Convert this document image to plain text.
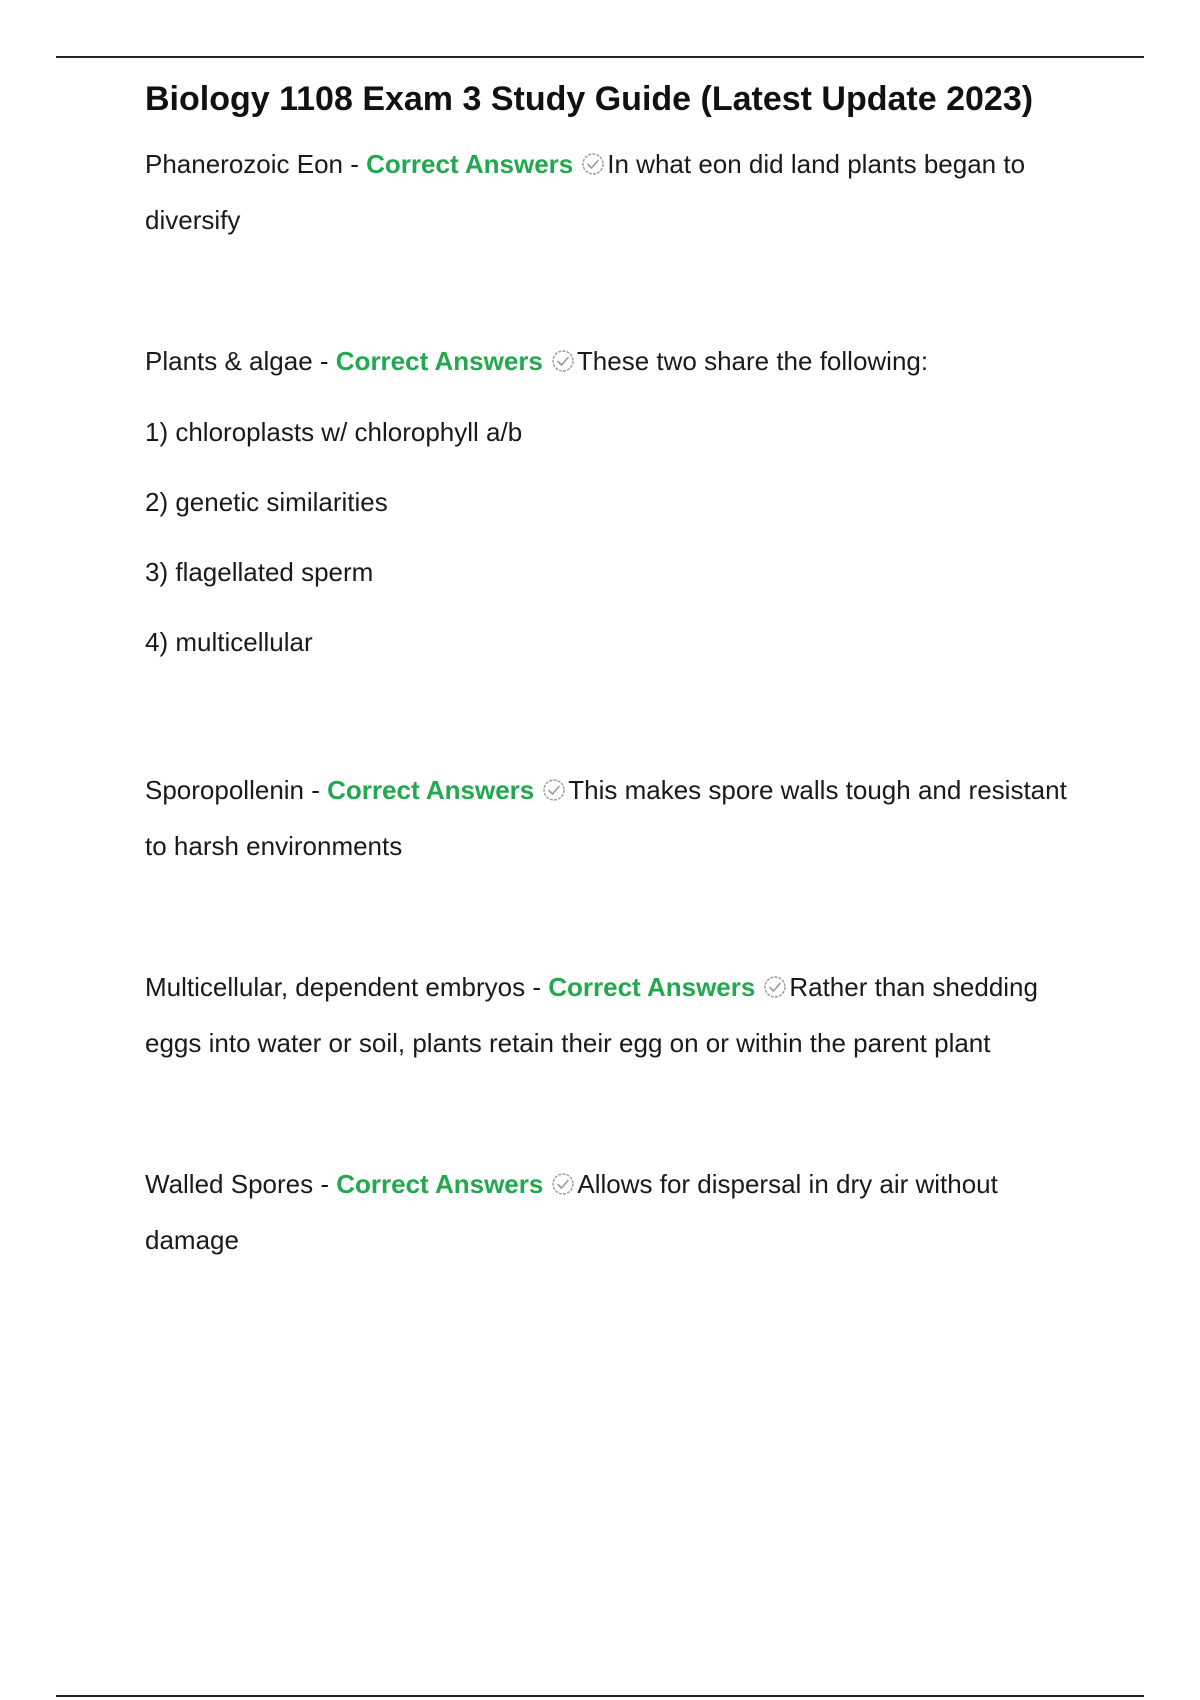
Biology 1108 Exam 3 Study Guide (Latest Update 2023)

Phanerozoic Eon - Correct Answers In what eon did land plants began to diversify

Plants & algae - Correct Answers These two share the following:

1) chloroplasts w/ chlorophyll a/b

2) genetic similarities

3) flagellated sperm

4) multicellular

Sporopollenin - Correct Answers This makes spore walls tough and resistant to harsh environments

Multicellular, dependent embryos - Correct Answers Rather than shedding eggs into water or soil, plants retain their egg on or within the parent plant

Walled Spores - Correct Answers Allows for dispersal in dry air without damage
